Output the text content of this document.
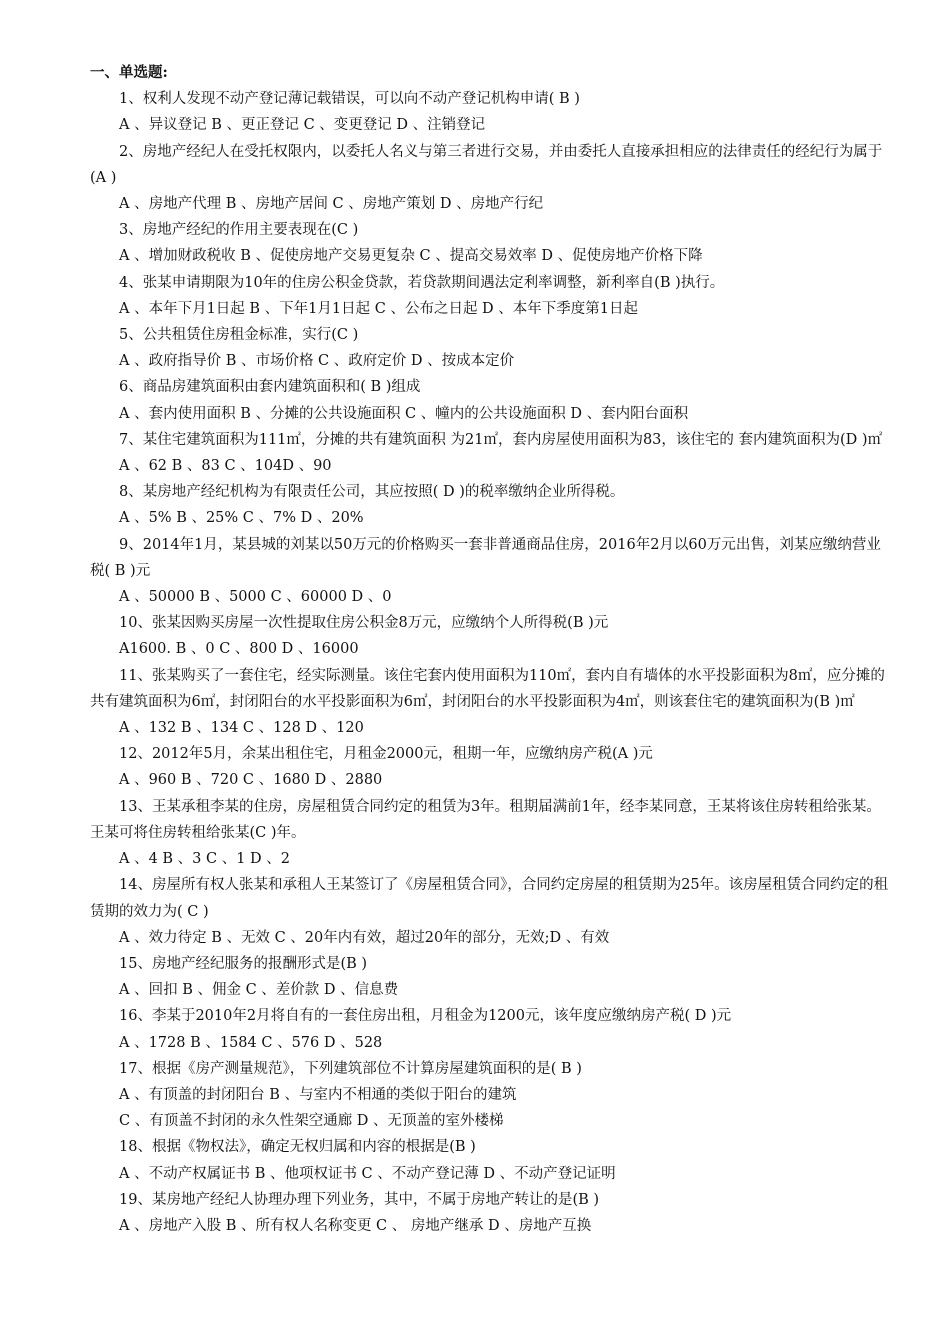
一、单选题:

1、权利人发现不动产登记薄记载错误，可以向不动产登记机构申请( B )

A 、异议登记 B 、更正登记 C 、变更登记 D 、注销登记

2、房地产经纪人在受托权限内，以委托人名义与第三者进行交易，并由委托人直接承担相应的法律责任的经纪行为属于(A )

A 、房地产代理 B 、房地产居间 C 、房地产策划 D 、房地产行纪

3、房地产经纪的作用主要表现在(C )

A 、增加财政税收 B 、促使房地产交易更复杂 C 、提高交易效率 D 、促使房地产价格下降

4、张某申请期限为10年的住房公积金贷款，若贷款期间遇法定利率调整，新利率自(B )执行。

A 、本年下月1日起 B 、下年1月1日起 C 、公布之日起 D 、本年下季度第1日起

5、公共租赁住房租金标准，实行(C )

A 、政府指导价 B 、市场价格 C 、政府定价 D 、按成本定价

6、商品房建筑面积由套内建筑面积和( B )组成

A 、套内使用面积 B 、分摊的公共设施面积 C 、幢内的公共设施面积 D 、套内阳台面积

7、某住宅建筑面积为111㎡，分摊的共有建筑面积 为21㎡，套内房屋使用面积为83，该住宅的 套内建筑面积为(D )㎡

A 、62 B 、83 C 、104D 、90

8、某房地产经纪机构为有限责任公司，其应按照( D )的税率缴纳企业所得税。

A 、5% B 、25% C 、7% D 、20%

9、2014年1月，某县城的刘某以50万元的价格购买一套非普通商品住房，2016年2月以60万元出售，刘某应缴纳营业税( B )元

A 、50000 B 、5000 C 、60000 D 、0

10、张某因购买房屋一次性提取住房公积金8万元，应缴纳个人所得税(B )元

A1600. B 、0 C 、800 D 、16000

11、张某购买了一套住宅，经实际测量。该住宅套内使用面积为110㎡，套内自有墙体的水平投影面积为8㎡，应分摊的共有建筑面积为6㎡，封闭阳台的水平投影面积为6㎡，封闭阳台的水平投影面积为4㎡，则该套住宅的建筑面积为(B )㎡

A 、132 B 、134 C 、128 D 、120

12、2012年5月，余某出租住宅，月租金2000元，租期一年，应缴纳房产税(A )元

A 、960 B 、720 C 、1680 D 、2880

13、王某承租李某的住房，房屋租赁合同约定的租赁为3年。租期届满前1年，经李某同意，王某将该住房转租给张某。王某可将住房转租给张某(C )年。

A 、4 B 、3 C 、1 D 、2

14、房屋所有权人张某和承租人王某签订了《房屋租赁合同》，合同约定房屋的租赁期为25年。该房屋租赁合同约定的租赁期的效力为( C )

A 、效力待定 B 、无效 C 、20年内有效，超过20年的部分，无效;D 、有效

15、房地产经纪服务的报酬形式是(B )

A 、回扣 B 、佣金 C 、差价款 D 、信息费

16、李某于2010年2月将自有的一套住房出租，月租金为1200元，该年度应缴纳房产税( D )元

A 、1728 B 、1584 C 、576 D 、528

17、根据《房产测量规范》，下列建筑部位不计算房屋建筑面积的是( B )

A 、有顶盖的封闭阳台 B 、与室内不相通的类似于阳台的建筑

C 、有顶盖不封闭的永久性架空通廊 D 、无顶盖的室外楼梯

18、根据《物权法》，确定无权归属和内容的根据是(B )

A 、不动产权属证书 B 、他项权证书 C 、不动产登记薄 D 、不动产登记证明

19、某房地产经纪人协理办理下列业务，其中，不属于房地产转让的是(B )

A 、房地产入股 B 、所有权人名称变更 C 、 房地产继承 D 、房地产互换
